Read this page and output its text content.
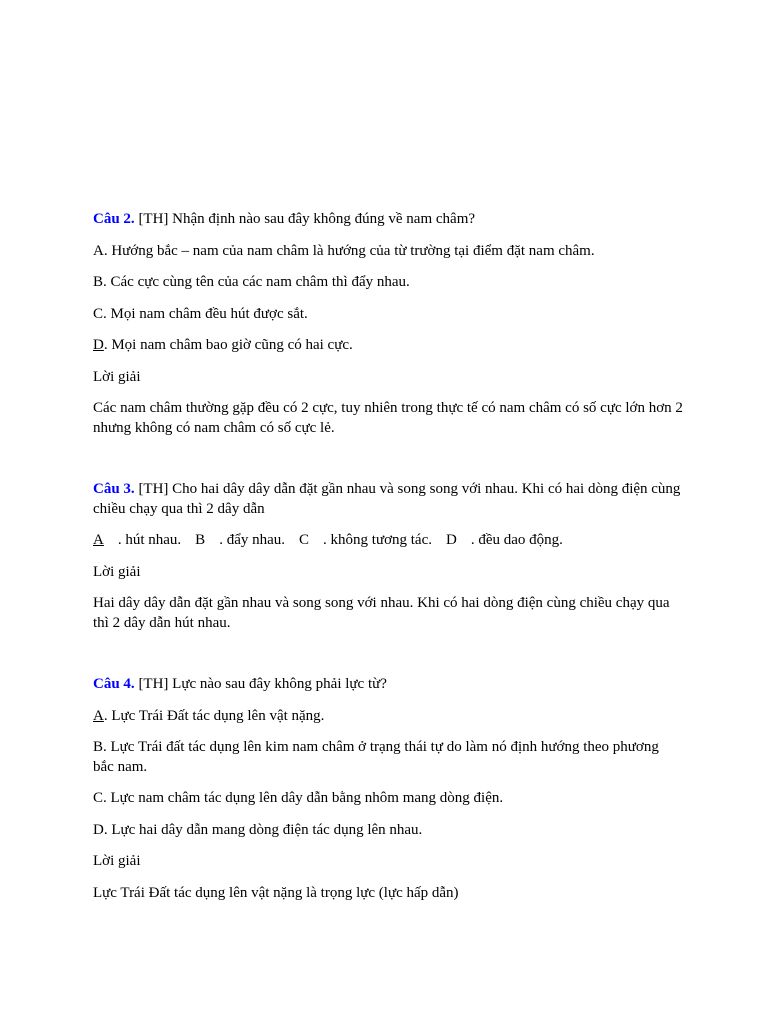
Câu 2. [TH] Nhận định nào sau đây không đúng về nam châm?

A. Hướng bắc – nam của nam châm là hướng của từ trường tại điểm đặt nam châm.

B. Các cực cùng tên của các nam châm thì đẩy nhau.

C. Mọi nam châm đều hút được sắt.

D. Mọi nam châm bao giờ cũng có hai cực.

Lời giải

Các nam châm thường gặp đều có 2 cực, tuy nhiên trong thực tế có nam châm có số cực lớn hơn 2 nhưng không có nam châm có số cực lẻ.

Câu 3. [TH] Cho hai dây dây dẫn đặt gần nhau và song song với nhau. Khi có hai dòng điện cùng chiều chạy qua thì 2 dây dẫn

A . hút nhau. B . đẩy nhau. C . không tương tác. D . đều dao động.

Lời giải

Hai dây dây dẫn đặt gần nhau và song song với nhau. Khi có hai dòng điện cùng chiều chạy qua thì 2 dây dẫn hút nhau.

Câu 4. [TH] Lực nào sau đây không phải lực từ?

A. Lực Trái Đất tác dụng lên vật nặng.

B. Lực Trái đất tác dụng lên kim nam châm ở trạng thái tự do làm nó định hướng theo phương bắc nam.

C. Lực nam châm tác dụng lên dây dẫn bằng nhôm mang dòng điện.

D. Lực hai dây dẫn mang dòng điện tác dụng lên nhau.

Lời giải

Lực Trái Đất tác dụng lên vật nặng là trọng lực (lực hấp dẫn)
